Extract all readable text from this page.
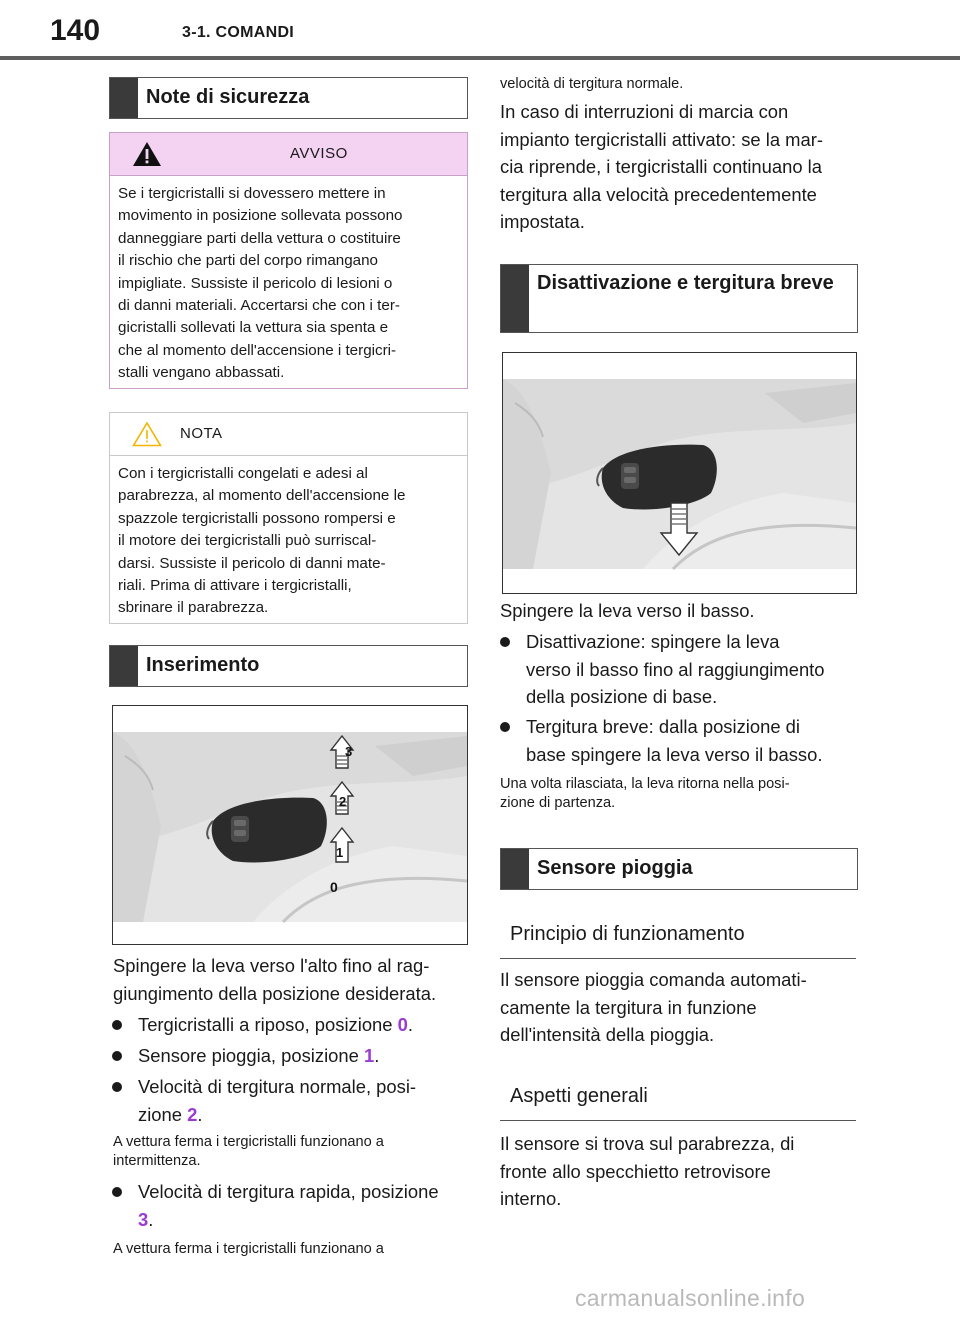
140	3-1. COMANDI
Note di sicurezza
AVVISO
Se i tergicristalli si dovessero mettere in
movimento in posizione sollevata possono
danneggiare parti della vettura o costituire
il rischio che parti del corpo rimangano
impigliate. Sussiste il pericolo di lesioni o
di danni materiali. Accertarsi che con i ter-
gicristalli sollevati la vettura sia spenta e
che al momento dell'accensione i tergicri-
stalli vengano abbassati.
NOTA
Con i tergicristalli congelati e adesi al
parabrezza, al momento dell'accensione le
spazzole tergicristalli possono rompersi e
il motore dei tergicristalli può surriscal-
darsi. Sussiste il pericolo di danni mate-
riali. Prima di attivare i tergicristalli,
sbrinare il parabrezza.
Inserimento
3
2
1
0
Spingere la leva verso l'alto fino al rag-
giungimento della posizione desiderata.
Tergicristalli a riposo, posizione 0.
Sensore pioggia, posizione 1.
Velocità di tergitura normale, posi-
zione 2.
A vettura ferma i tergicristalli funzionano a
intermittenza.
Velocità di tergitura rapida, posizione
3.
A vettura ferma i tergicristalli funzionano a
velocità di tergitura normale.
In caso di interruzioni di marcia con
impianto tergicristalli attivato: se la mar-
cia riprende, i tergicristalli continuano la
tergitura alla velocità precedentemente
impostata.
Disattivazione e tergitura breve
Spingere la leva verso il basso.
Disattivazione: spingere la leva
verso il basso fino al raggiungimento
della posizione di base.
Tergitura breve: dalla posizione di
base spingere la leva verso il basso.
Una volta rilasciata, la leva ritorna nella posi-
zione di partenza.
Sensore pioggia
Principio di funzionamento
Il sensore pioggia comanda automati-
camente la tergitura in funzione
dell'intensità della pioggia.
Aspetti generali
Il sensore si trova sul parabrezza, di
fronte allo specchietto retrovisore
interno.
carmanualsonline.info
